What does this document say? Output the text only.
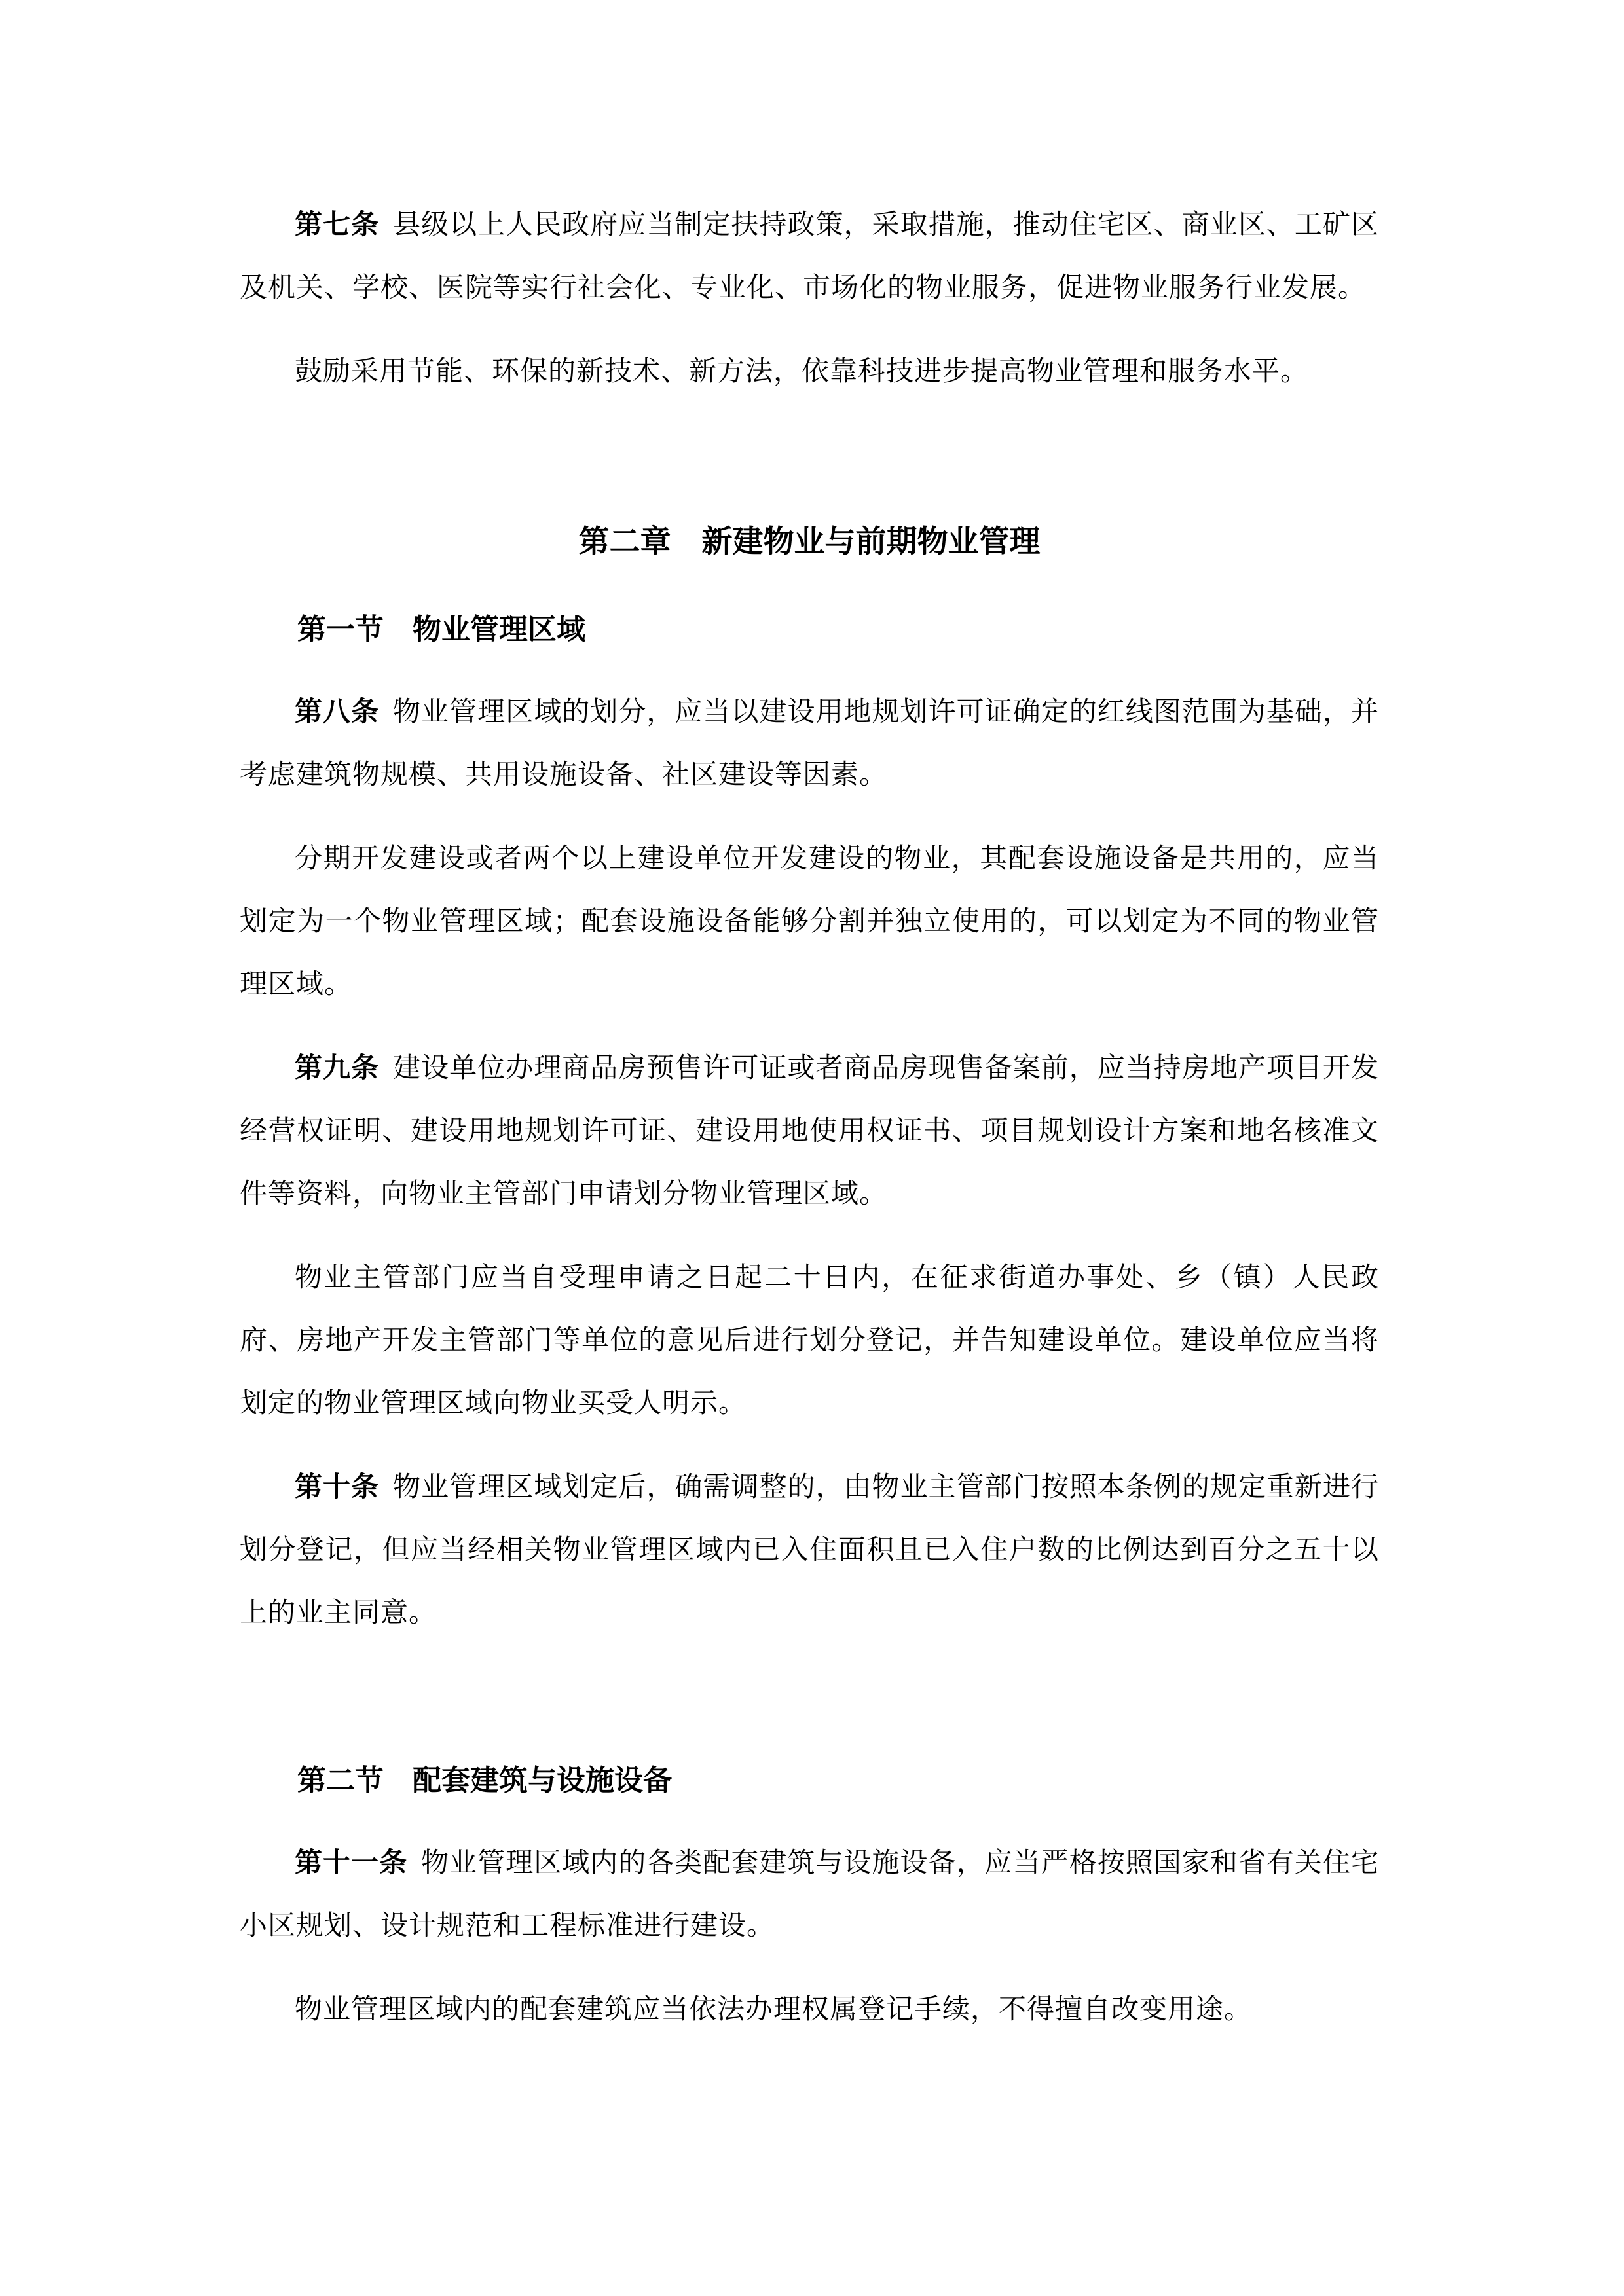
第七条 县级以上人民政府应当制定扶持政策，采取措施，推动住宅区、商业区、工矿区及机关、学校、医院等实行社会化、专业化、市场化的物业服务，促进物业服务行业发展。

鼓励采用节能、环保的新技术、新方法，依靠科技进步提高物业管理和服务水平。

第二章　新建物业与前期物业管理
第一节　物业管理区域

第八条 物业管理区域的划分，应当以建设用地规划许可证确定的红线图范围为基础，并考虑建筑物规模、共用设施设备、社区建设等因素。

分期开发建设或者两个以上建设单位开发建设的物业，其配套设施设备是共用的，应当划定为一个物业管理区域；配套设施设备能够分割并独立使用的，可以划定为不同的物业管理区域。

第九条 建设单位办理商品房预售许可证或者商品房现售备案前，应当持房地产项目开发经营权证明、建设用地规划许可证、建设用地使用权证书、项目规划设计方案和地名核准文件等资料，向物业主管部门申请划分物业管理区域。

物业主管部门应当自受理申请之日起二十日内，在征求街道办事处、乡（镇）人民政府、房地产开发主管部门等单位的意见后进行划分登记，并告知建设单位。建设单位应当将划定的物业管理区域向物业买受人明示。

第十条 物业管理区域划定后，确需调整的，由物业主管部门按照本条例的规定重新进行划分登记，但应当经相关物业管理区域内已入住面积且已入住户数的比例达到百分之五十以上的业主同意。

第二节　配套建筑与设施设备

第十一条 物业管理区域内的各类配套建筑与设施设备，应当严格按照国家和省有关住宅小区规划、设计规范和工程标准进行建设。

物业管理区域内的配套建筑应当依法办理权属登记手续，不得擅自改变用途。
